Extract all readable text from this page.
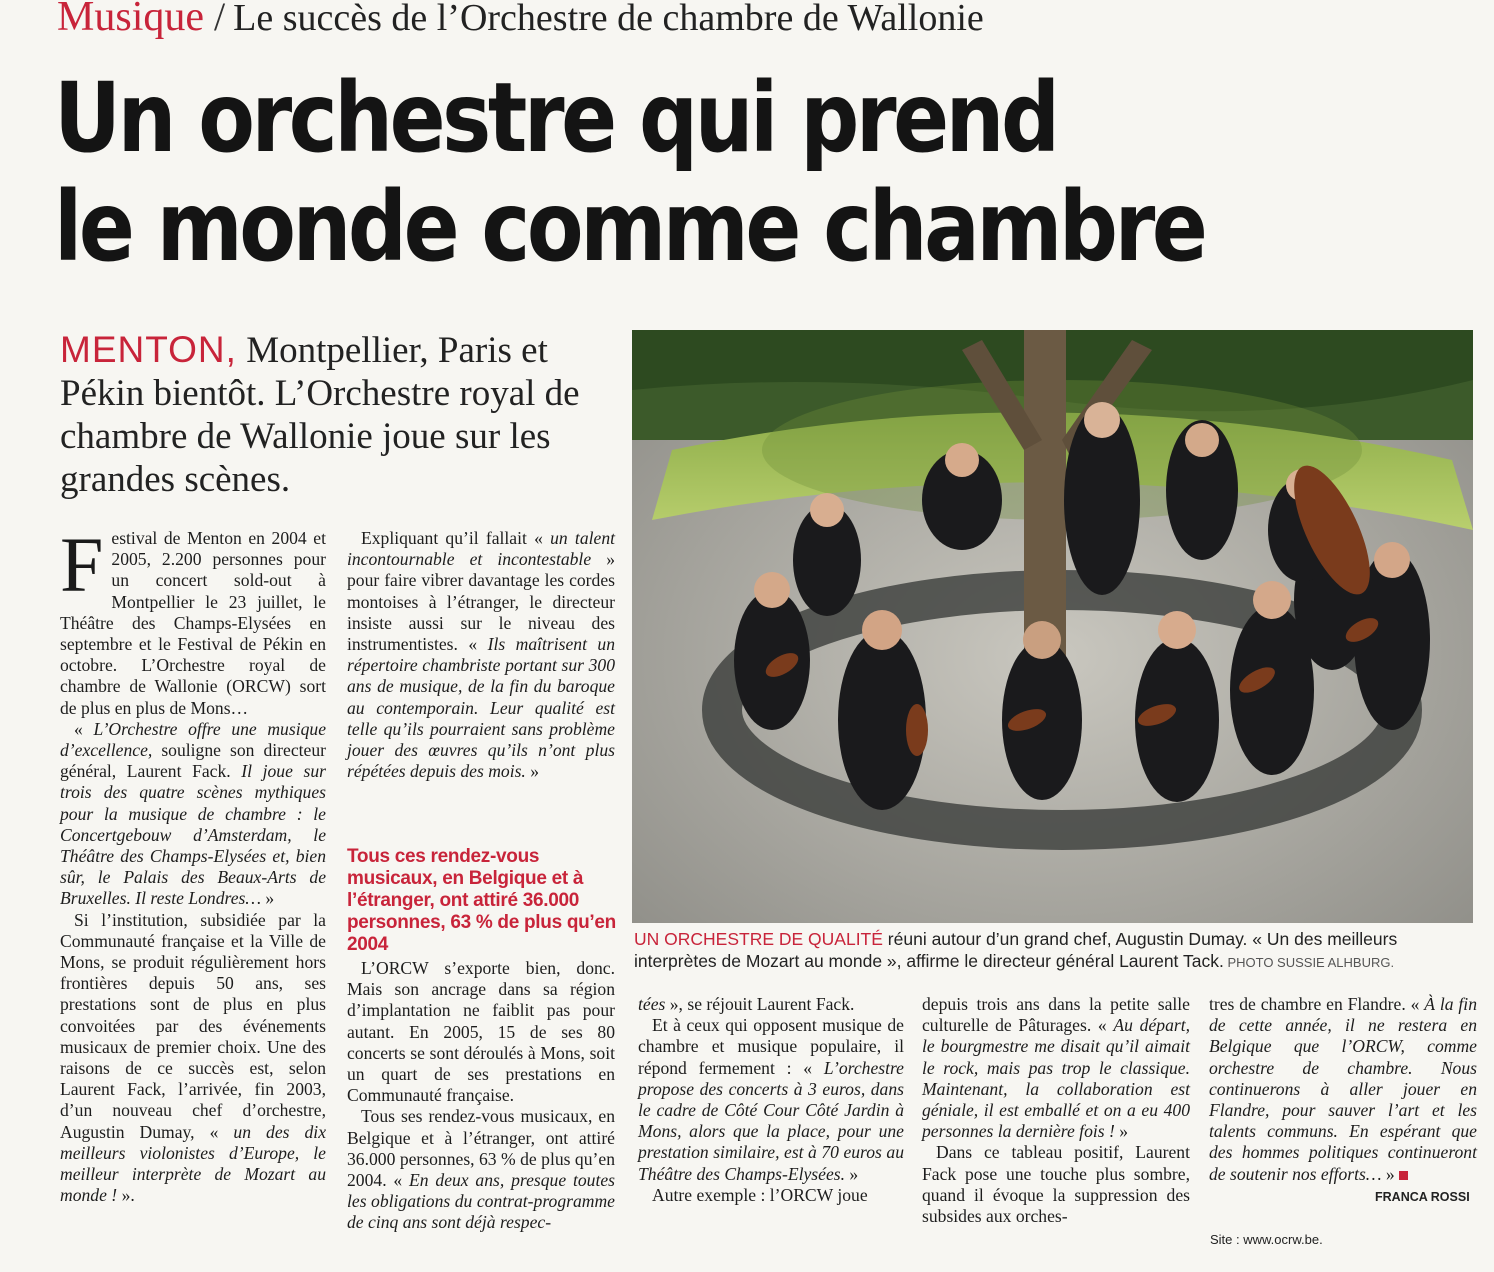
Musique / Le succès de l’Orchestre de chambre de Wallonie
Un orchestre qui prend
le monde comme chambre

MENTON, Montpellier, Paris et Pékin bientôt. L’Orchestre royal de chambre de Wallonie joue sur les grandes scènes.

Festival de Menton en 2004 et 2005, 2.200 personnes pour un concert sold-out à Montpellier le 23 juillet, le Théâtre des Champs-Elysées en septembre et le Festival de Pékin en octobre. L’Orchestre royal de chambre de Wallonie (ORCW) sort de plus en plus de Mons…

« L’Orchestre offre une musique d’excellence, souligne son directeur général, Laurent Fack. Il joue sur trois des quatre scènes mythiques pour la musique de chambre : le Concertgebouw d’Amsterdam, le Théâtre des Champs-Elysées et, bien sûr, le Palais des Beaux-Arts de Bruxelles. Il reste Londres… »

Si l’institution, subsidiée par la Communauté française et la Ville de Mons, se produit régulièrement hors frontières depuis 50 ans, ses prestations sont de plus en plus convoitées par des événements musicaux de premier choix. Une des raisons de ce succès est, selon Laurent Fack, l’arrivée, fin 2003, d’un nouveau chef d’orchestre, Augustin Dumay, « un des dix meilleurs violonistes d’Europe, le meilleur interprète de Mozart au monde ! ».

Expliquant qu’il fallait « un talent incontournable et incontestable » pour faire vibrer davantage les cordes montoises à l’étranger, le directeur insiste aussi sur le niveau des instrumentistes. « Ils maîtrisent un répertoire chambriste portant sur 300 ans de musique, de la fin du baroque au contemporain. Leur qualité est telle qu’ils pourraient sans problème jouer des œuvres qu’ils n’ont plus répétées depuis des mois. »

Tous ces rendez-vous musicaux, en Belgique et à l’étranger, ont attiré 36.000 personnes, 63 % de plus qu’en 2004

L’ORCW s’exporte bien, donc. Mais son ancrage dans sa région d’implantation ne faiblit pas pour autant. En 2005, 15 de ses 80 concerts se sont déroulés à Mons, soit un quart de ses prestations en Communauté française.

Tous ses rendez-vous musicaux, en Belgique et à l’étranger, ont attiré 36.000 personnes, 63 % de plus qu’en 2004. « En deux ans, presque toutes les obligations du contrat-programme de cinq ans sont déjà respec-

UN ORCHESTRE DE QUALITÉ réuni autour d’un grand chef, Augustin Dumay. « Un des meilleurs interprètes de Mozart au monde », affirme le directeur général Laurent Tack. PHOTO SUSSIE ALHBURG.

tées », se réjouit Laurent Fack.

Et à ceux qui opposent musique de chambre et musique populaire, il répond fermement : « L’orchestre propose des concerts à 3 euros, dans le cadre de Côté Cour Côté Jardin à Mons, alors que la place, pour une prestation similaire, est à 70 euros au Théâtre des Champs-Elysées. »

Autre exemple : l’ORCW joue

depuis trois ans dans la petite salle culturelle de Pâturages. « Au départ, le bourgmestre me disait qu’il aimait le rock, mais pas trop le classique. Maintenant, la collaboration est géniale, il est emballé et on a eu 400 personnes la dernière fois ! »

Dans ce tableau positif, Laurent Fack pose une touche plus sombre, quand il évoque la suppression des subsides aux orches-

tres de chambre en Flandre. « À la fin de cette année, il ne restera en Belgique que l’ORCW, comme orchestre de chambre. Nous continuerons à aller jouer en Flandre, pour sauver l’art et les talents communs. En espérant que des hommes politiques continueront de soutenir nos efforts… »

FRANCA ROSSI
Site : www.ocrw.be.
